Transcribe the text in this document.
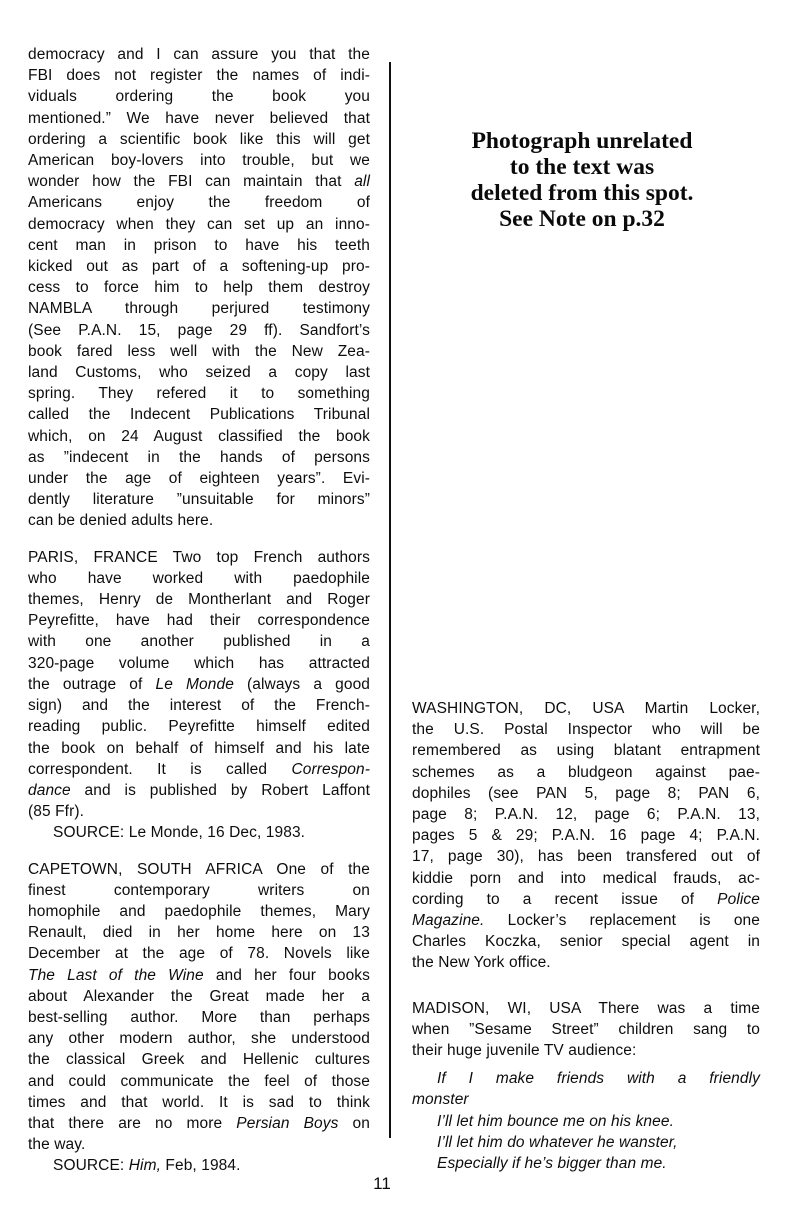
democracy and I can assure you that the
FBI does not register the names of indi-
viduals ordering the book you
mentioned.” We have never believed that
ordering a scientific book like this will get
American boy-lovers into trouble, but we
wonder how the FBI can maintain that all
Americans enjoy the freedom of
democracy when they can set up an inno-
cent man in prison to have his teeth
kicked out as part of a softening-up pro-
cess to force him to help them destroy
NAMBLA through perjured testimony
(See P.A.N. 15, page 29 ff). Sandfort’s
book fared less well with the New Zea-
land Customs, who seized a copy last
spring. They refered it to something
called the Indecent Publications Tribunal
which, on 24 August classified the book
as ”indecent in the hands of persons
under the age of eighteen years”. Evi-
dently literature ”unsuitable for minors”
can be denied adults here.
PARIS, FRANCE Two top French authors
who have worked with paedophile
themes, Henry de Montherlant and Roger
Peyrefitte, have had their correspondence
with one another published in a
320-page volume which has attracted
the outrage of Le Monde (always a good
sign) and the interest of the French-
reading public. Peyrefitte himself edited
the book on behalf of himself and his late
correspondent. It is called Correspon-
dance and is published by Robert Laffont
(85 Ffr).
SOURCE: Le Monde, 16 Dec, 1983.
CAPETOWN, SOUTH AFRICA One of the
finest contemporary writers on
homophile and paedophile themes, Mary
Renault, died in her home here on 13
December at the age of 78. Novels like
The Last of the Wine and her four books
about Alexander the Great made her a
best-selling author. More than perhaps
any other modern author, she understood
the classical Greek and Hellenic cultures
and could communicate the feel of those
times and that world. It is sad to think
that there are no more Persian Boys on
the way.
SOURCE: Him, Feb, 1984.
Photograph unrelated
to the text was
deleted from this spot.
See Note on p.32
WASHINGTON, DC, USA Martin Locker,
the U.S. Postal Inspector who will be
remembered as using blatant entrapment
schemes as a bludgeon against pae-
dophiles (see PAN 5, page 8; PAN 6,
page 8; P.A.N. 12, page 6; P.A.N. 13,
pages 5 & 29; P.A.N. 16 page 4; P.A.N.
17, page 30), has been transfered out of
kiddie porn and into medical frauds, ac-
cording to a recent issue of Police
Magazine. Locker’s replacement is one
Charles Koczka, senior special agent in
the New York office.
MADISON, WI, USA There was a time
when ”Sesame Street” children sang to
their huge juvenile TV audience:
If I make friends with a friendly
monster
I’ll let him bounce me on his knee.
I’ll let him do whatever he wanster,
Especially if he’s bigger than me.
11
